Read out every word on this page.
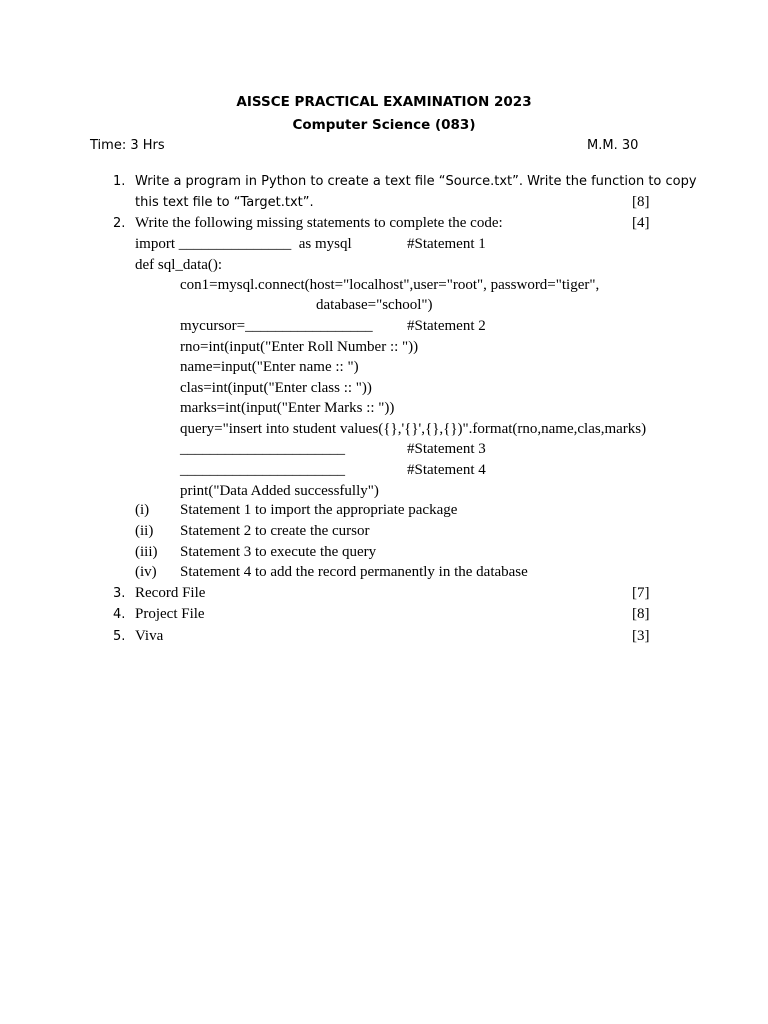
AISSCE PRACTICAL EXAMINATION 2023
Computer Science (083)
Time: 3 Hrs	M.M. 30
1. Write a program in Python to create a text file “Source.txt”. Write the function to copy
this text file to “Target.txt”.	[8]
2. Write the following missing statements to complete the code:	[4]
import _______________  as mysql	#Statement 1
def sql_data():
con1=mysql.connect(host="localhost",user="root", password="tiger",
database="school")
mycursor=_________________ #Statement 2
rno=int(input("Enter Roll Number :: "))
name=input("Enter name :: ")
clas=int(input("Enter class :: "))
marks=int(input("Enter Marks :: "))
query="insert into student values({},'{}',{},{})".format(rno,name,clas,marks)
______________________	#Statement 3
______________________	#Statement 4
print("Data Added successfully")
(i) Statement 1 to import the appropriate package
(ii) Statement 2 to create the cursor
(iii) Statement 3 to execute the query
(iv) Statement 4 to add the record permanently in the database
3. Record File	[7]
4. Project File	[8]
5. Viva	[3]
